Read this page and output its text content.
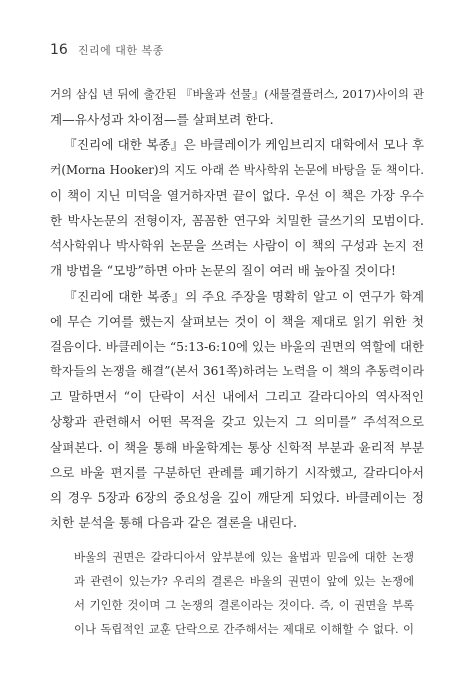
16 진리에 대한 복종
거의 삼십 년 뒤에 출간된 『바울과 선물』(새물결플러스, 2017)사이의 관
계—유사성과 차이점—를 살펴보려 한다.
『진리에 대한 복종』은 바클레이가 케임브리지 대학에서 모나 후
커(Morna Hooker)의 지도 아래 쓴 박사학위 논문에 바탕을 둔 책이다.
이 책이 지닌 미덕을 열거하자면 끝이 없다. 우선 이 책은 가장 우수
한 박사논문의 전형이자, 꼼꼼한 연구와 치밀한 글쓰기의 모범이다.
석사학위나 박사학위 논문을 쓰려는 사람이 이 책의 구성과 논지 전
개 방법을 “모방”하면 아마 논문의 질이 여러 배 높아질 것이다!
『진리에 대한 복종』의 주요 주장을 명확히 알고 이 연구가 학계
에 무슨 기여를 했는지 살펴보는 것이 이 책을 제대로 읽기 위한 첫
걸음이다. 바클레이는 “5:13-6:10에 있는 바울의 권면의 역할에 대한
학자들의 논쟁을 해결”(본서 361쪽)하려는 노력을 이 책의 추동력이라
고 말하면서 “이 단락이 서신 내에서 그리고 갈라디아의 역사적인
상황과 관련해서 어떤 목적을 갖고 있는지 그 의미를” 주석적으로
살펴본다. 이 책을 통해 바울학계는 통상 신학적 부분과 윤리적 부분
으로 바울 편지를 구분하던 관례를 폐기하기 시작했고, 갈라디아서
의 경우 5장과 6장의 중요성을 깊이 깨닫게 되었다. 바클레이는 정
치한 분석을 통해 다음과 같은 결론을 내린다.
바울의 권면은 갈라디아서 앞부분에 있는 율법과 믿음에 대한 논쟁
과 관련이 있는가? 우리의 결론은 바울의 권면이 앞에 있는 논쟁에
서 기인한 것이며 그 논쟁의 결론이라는 것이다. 즉, 이 권면을 부록
이나 독립적인 교훈 단락으로 간주해서는 제대로 이해할 수 없다. 이
